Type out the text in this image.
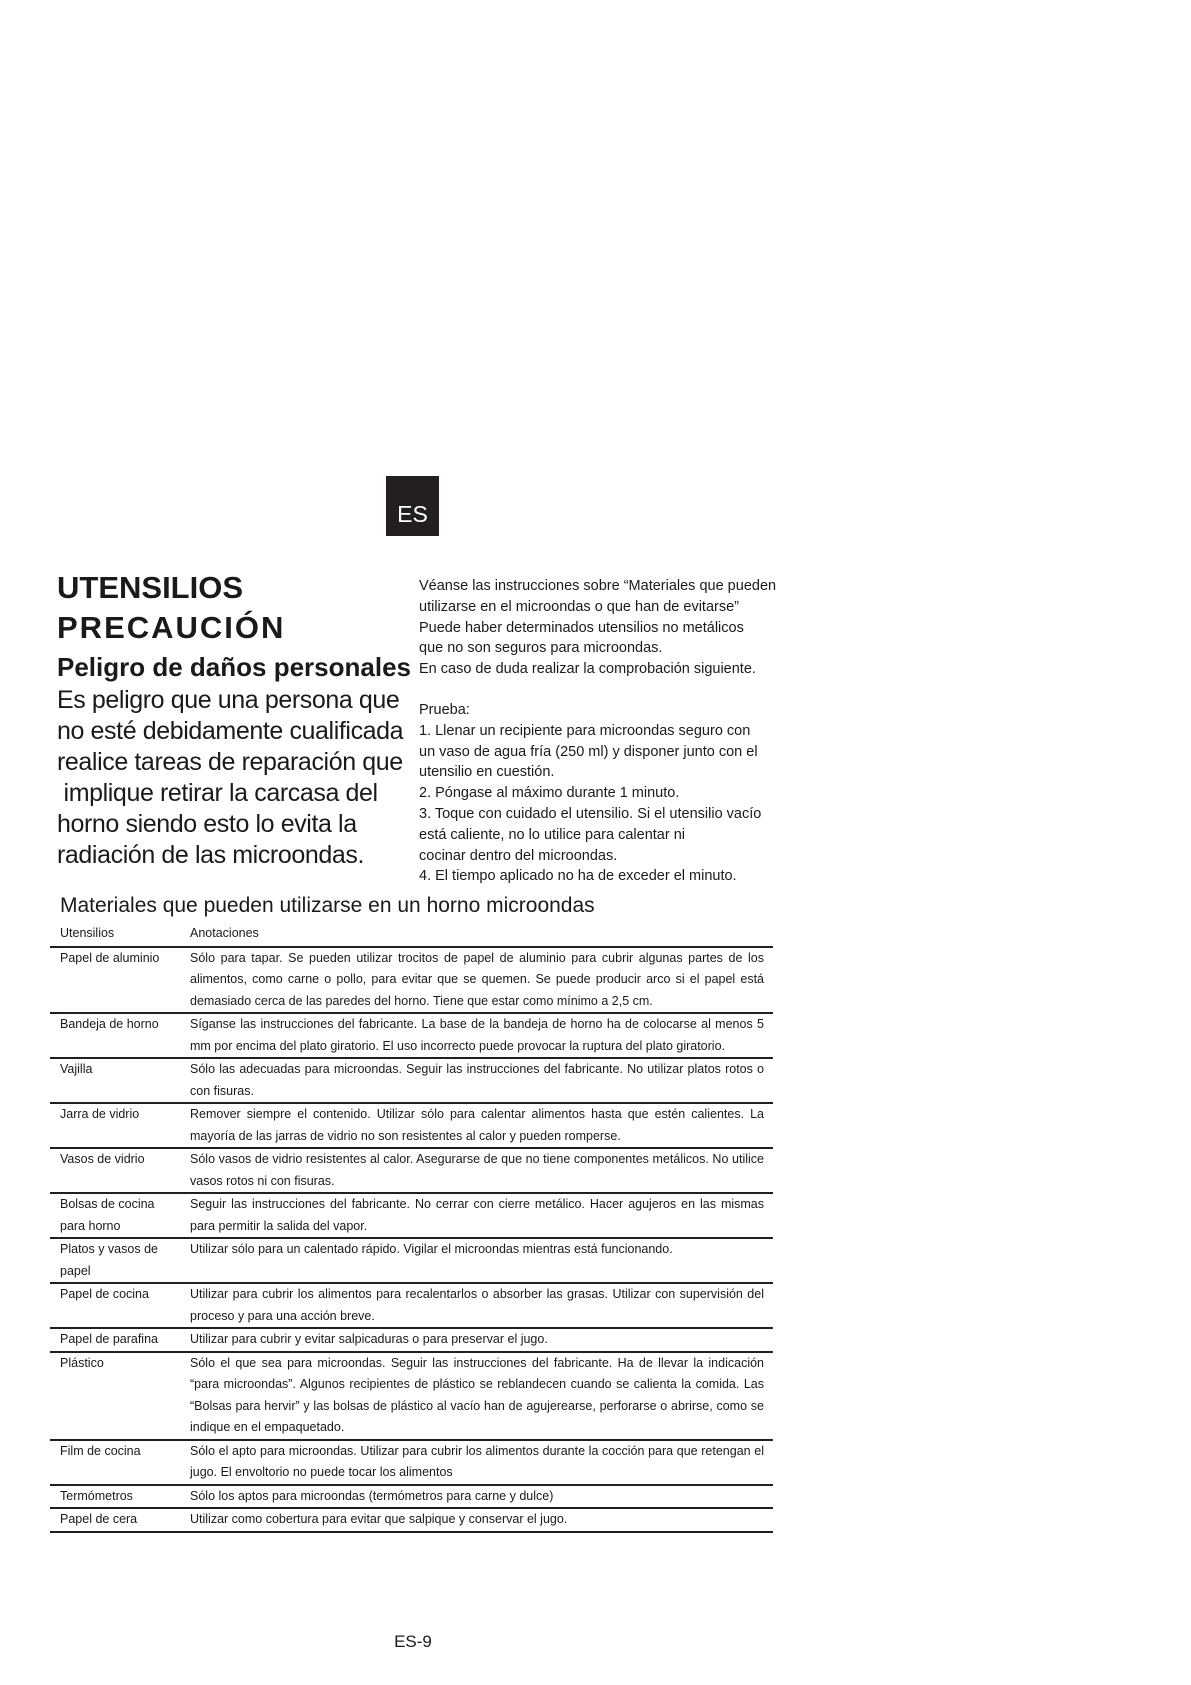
ES
UTENSILIOS
PRECAUCIÓN
Peligro de daños personales
Es peligro que una persona que
no esté debidamente cualificada
realice tareas de reparación que
implique retirar la carcasa del
horno siendo esto lo evita la
radiación de las microondas.

Véanse las instrucciones sobre “Materiales que pueden

utilizarse en el microondas o que han de evitarse”

Puede haber determinados utensilios no metálicos

que no son seguros para microondas.

En caso de duda realizar la comprobación siguiente.

Prueba:

1. Llenar un recipiente para microondas seguro con

un vaso de agua fría (250 ml) y disponer junto con el

utensilio en cuestión.

2. Póngase al máximo durante 1 minuto.

3. Toque con cuidado el utensilio. Si el utensilio vacío

está caliente, no lo utilice para calentar ni

cocinar dentro del microondas.

4. El tiempo aplicado no ha de exceder el minuto.

Materiales que pueden utilizarse en un horno microondas
Utensilios	Anotaciones
Papel de aluminio	Sólo para tapar. Se pueden utilizar trocitos de papel de aluminio para cubrir algunas partes de los alimentos, como carne o pollo, para evitar que se quemen. Se puede producir arco si el papel está demasiado cerca de las paredes del horno. Tiene que estar como mínimo a 2,5 cm.
Bandeja de horno	Síganse las instrucciones del fabricante. La base de la bandeja de horno ha de colocarse al menos 5 mm por encima del plato giratorio. El uso incorrecto puede provocar la ruptura del plato giratorio.
Vajilla	Sólo las adecuadas para microondas. Seguir las instrucciones del fabricante. No utilizar platos rotos o con fisuras.
Jarra de vidrio	Remover siempre el contenido. Utilizar sólo para calentar alimentos hasta que estén calientes. La mayoría de las jarras de vidrio no son resistentes al calor y pueden romperse.
Vasos de vidrio	Sólo vasos de vidrio resistentes al calor. Asegurarse de que no tiene componentes metálicos. No utilice vasos rotos ni con fisuras.
Bolsas de cocina para horno	Seguir las instrucciones del fabricante. No cerrar con cierre metálico. Hacer agujeros en las mismas para permitir la salida del vapor.
Platos y vasos de papel	Utilizar sólo para un calentado rápido. Vigilar el microondas mientras está funcionando.
Papel de cocina	Utilizar para cubrir los alimentos para recalentarlos o absorber las grasas. Utilizar con supervisión del proceso y para una acción breve.
Papel de parafina	Utilizar para cubrir y evitar salpicaduras o para preservar el jugo.
Plástico	Sólo el que sea para microondas. Seguir las instrucciones del fabricante. Ha de llevar la indicación “para microondas”. Algunos recipientes de plástico se reblandecen cuando se calienta la comida. Las “Bolsas para hervir” y las bolsas de plástico al vacío han de agujerearse, perforarse o abrirse, como se indique en el empaquetado.
Film de cocina	Sólo el apto para microondas. Utilizar para cubrir los alimentos durante la cocción para que retengan el jugo. El envoltorio no puede tocar los alimentos
Termómetros	Sólo los aptos para microondas (termómetros para carne y dulce)
Papel de cera	Utilizar como cobertura para evitar que salpique y conservar el jugo.
ES-9
